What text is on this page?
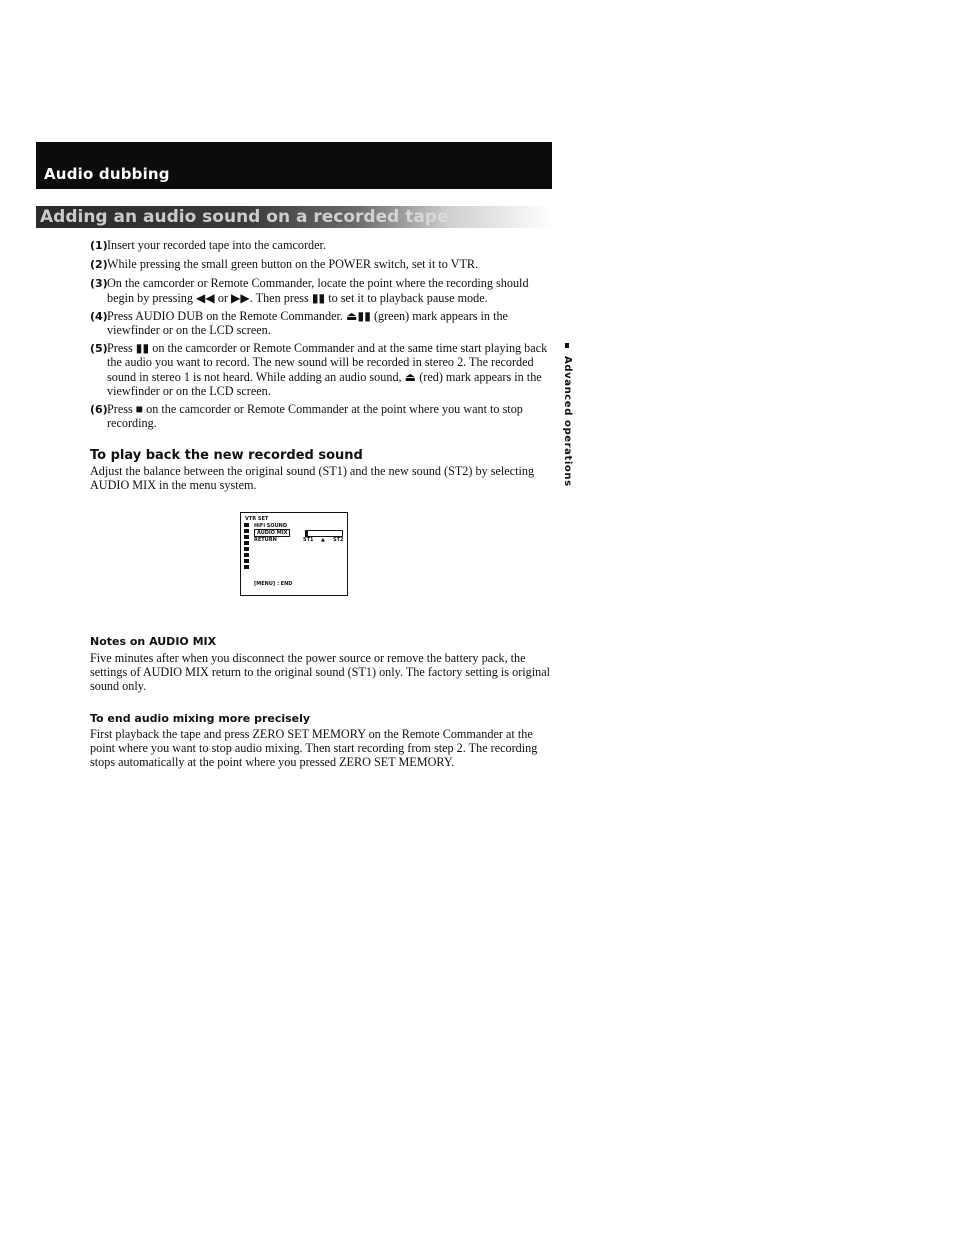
Audio dubbing
Adding an audio sound on a recorded tape
(1) Insert your recorded tape into the camcorder.
(2) While pressing the small green button on the POWER switch, set it to VTR.
(3) On the camcorder or Remote Commander, locate the point where the recording should begin by pressing ◀◀ or ▶▶. Then press ▮▮ to set it to playback pause mode.
(4) Press AUDIO DUB on the Remote Commander. ⏏▮▮ (green) mark appears in the viewfinder or on the LCD screen.
(5) Press ▮▮ on the camcorder or Remote Commander and at the same time start playing back the audio you want to record. The new sound will be recorded in stereo 2. The recorded sound in stereo 1 is not heard. While adding an audio sound, ⏏ (red) mark appears in the viewfinder or on the LCD screen.
(6) Press ■ on the camcorder or Remote Commander at the point where you want to stop recording.
To play back the new recorded sound
Adjust the balance between the original sound (ST1) and the new sound (ST2) by selecting AUDIO MIX in the menu system.
VTR SET
HiFi SOUND
AUDIO MIX
RETURN	ST1 ▲ ST2
[MENU] : END
Notes on AUDIO MIX
Five minutes after when you disconnect the power source or remove the battery pack, the settings of AUDIO MIX return to the original sound (ST1) only. The factory setting is original sound only.
To end audio mixing more precisely
First playback the tape and press ZERO SET MEMORY on the Remote Commander at the point where you want to stop audio mixing. Then start recording from step 2. The recording stops automatically at the point where you pressed ZERO SET MEMORY.
Advanced operations
